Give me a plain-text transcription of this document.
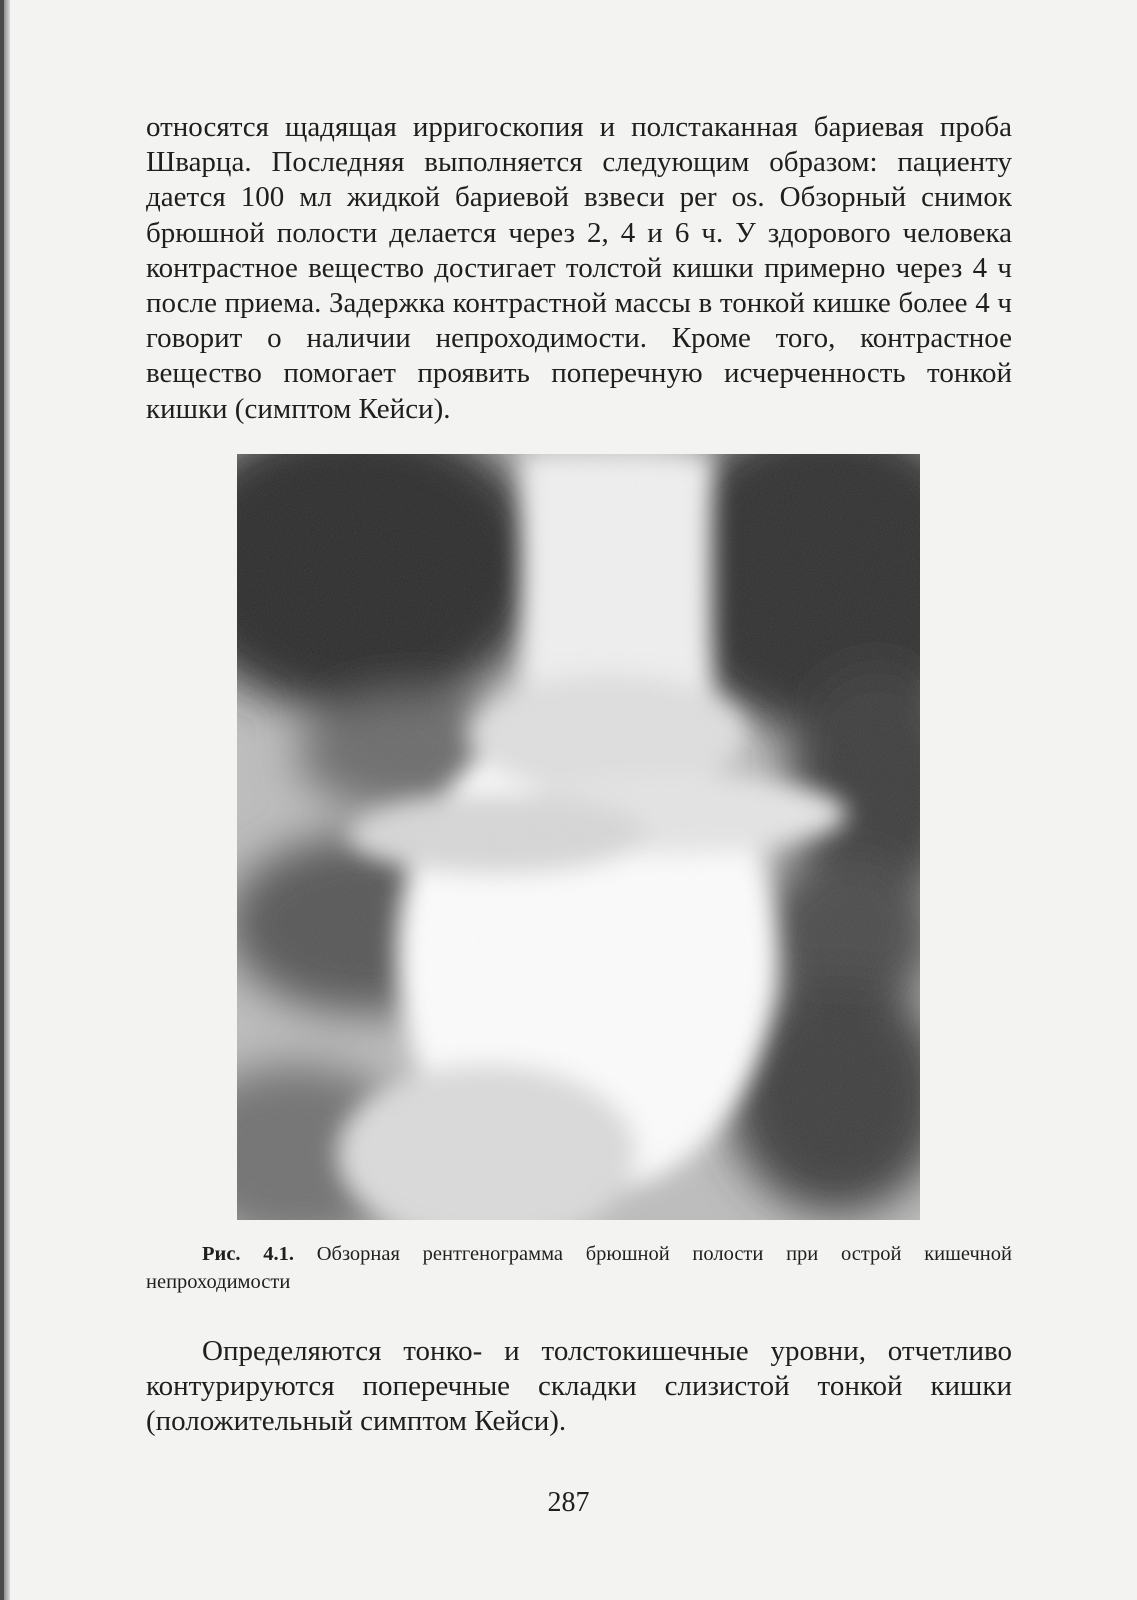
относятся щадящая ирригоскопия и полстаканная бариевая проба Шварца. Последняя выполняется следующим образом: пациенту дается 100 мл жидкой бариевой взвеси per os. Обзорный снимок брюшной полости делается через 2, 4 и 6 ч. У здорового человека контрастное вещество достигает толстой кишки примерно через 4 ч после приема. Задержка контрастной массы в тонкой кишке более 4 ч говорит о наличии непроходимости. Кроме того, контрастное вещество помогает проявить поперечную исчерченность тонкой кишки (симптом Кейси).

Рис. 4.1. Обзорная рентгенограмма брюшной полости при острой кишечной непроходимости

Определяются тонко- и толстокишечные уровни, отчетливо контурируются поперечные складки слизистой тонкой кишки (положительный симптом Кейси).

287
